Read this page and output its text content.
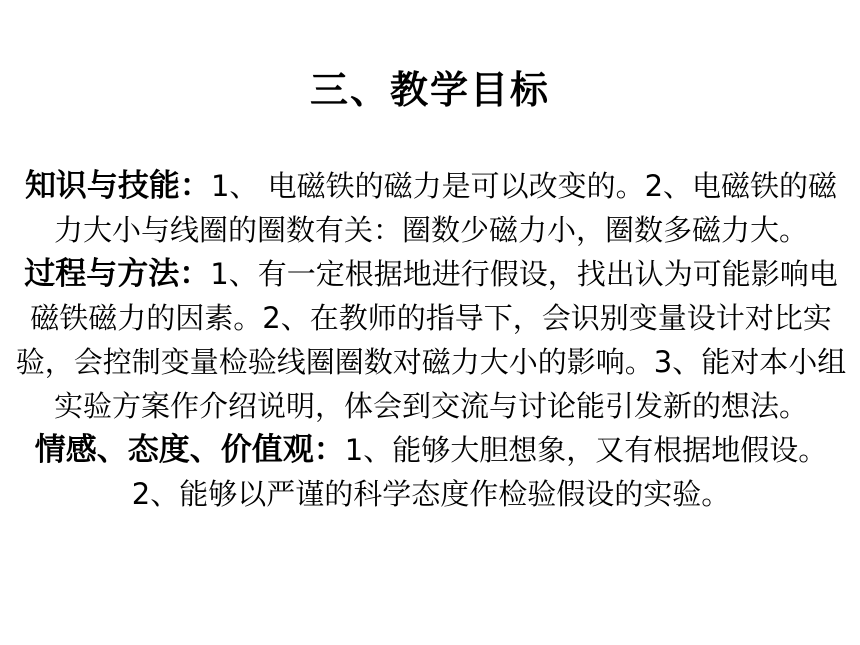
三、教学目标

知识与技能：1、 电磁铁的磁力是可以改变的。2、电磁铁的磁力大小与线圈的圈数有关：圈数少磁力小，圈数多磁力大。

过程与方法：1、有一定根据地进行假设，找出认为可能影响电磁铁磁力的因素。2、在教师的指导下，会识别变量设计对比实验，会控制变量检验线圈圈数对磁力大小的影响。3、能对本小组实验方案作介绍说明，体会到交流与讨论能引发新的想法。

情感、态度、价值观：1、能够大胆想象，又有根据地假设。2、能够以严谨的科学态度作检验假设的实验。
